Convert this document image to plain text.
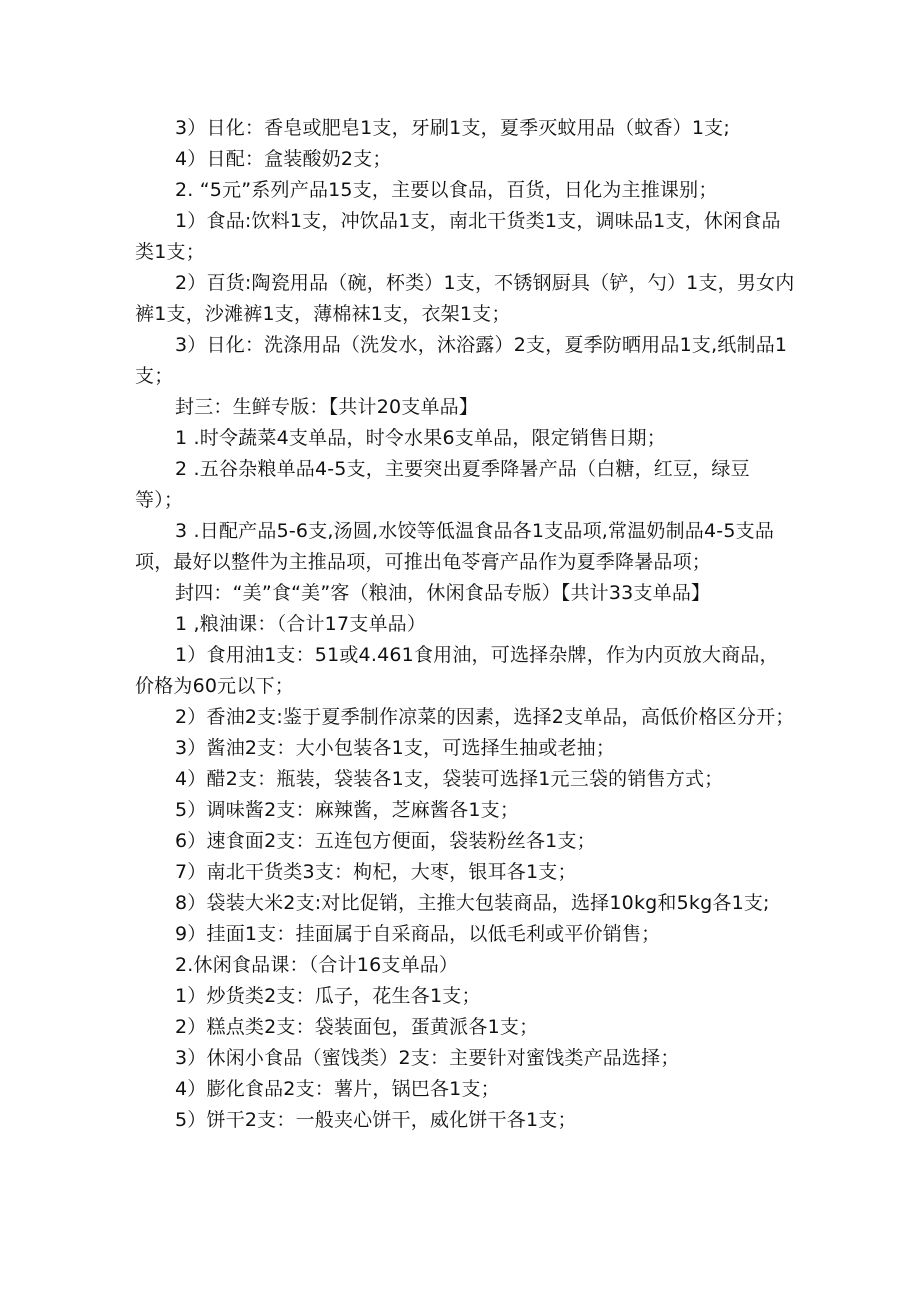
3）日化：香皂或肥皂1支，牙刷1支，夏季灭蚊用品（蚊香）1支;

4）日配：盒装酸奶2支；

2. “5元”系列产品15支，主要以食品，百货，日化为主推课别；

1）食品:饮料1支，冲饮品1支，南北干货类1支，调味品1支，休闲食品类1支；

2）百货:陶瓷用品（碗，杯类）1支，不锈钢厨具（铲，勺）1支，男女内裤1支，沙滩裤1支，薄棉袜1支，衣架1支；

3）日化：洗涤用品（洗发水，沐浴露）2支，夏季防晒用品1支,纸制品1支；

封三：生鲜专版：【共计20支单品】

1 .时令蔬菜4支单品，时令水果6支单品，限定销售日期；

2 .五谷杂粮单品4-5支，主要突出夏季降暑产品（白糖，红豆，绿豆等）；

3 .日配产品5-6支,汤圆,水饺等低温食品各1支品项,常温奶制品4-5支品项，最好以整件为主推品项，可推出龟苓膏产品作为夏季降暑品项；

封四：“美”食“美”客（粮油，休闲食品专版）【共计33支单品】

1 ,粮油课：（合计17支单品）

1）食用油1支：51或4.461食用油，可选择杂牌，作为内页放大商品，价格为60元以下；

2）香油2支:鉴于夏季制作凉菜的因素，选择2支单品，高低价格区分开；

3）酱油2支：大小包装各1支，可选择生抽或老抽；

4）醋2支：瓶装，袋装各1支，袋装可选择1元三袋的销售方式；

5）调味酱2支：麻辣酱，芝麻酱各1支；

6）速食面2支：五连包方便面，袋装粉丝各1支；

7）南北干货类3支：枸杞，大枣，银耳各1支；

8）袋装大米2支:对比促销，主推大包装商品，选择10kg和5kg各1支;

9）挂面1支：挂面属于自采商品，以低毛利或平价销售；

2.休闲食品课：（合计16支单品）

1）炒货类2支：瓜子，花生各1支；

2）糕点类2支：袋装面包，蛋黄派各1支；

3）休闲小食品（蜜饯类）2支：主要针对蜜饯类产品选择；

4）膨化食品2支：薯片，锅巴各1支；

5）饼干2支：一般夹心饼干，威化饼干各1支；
